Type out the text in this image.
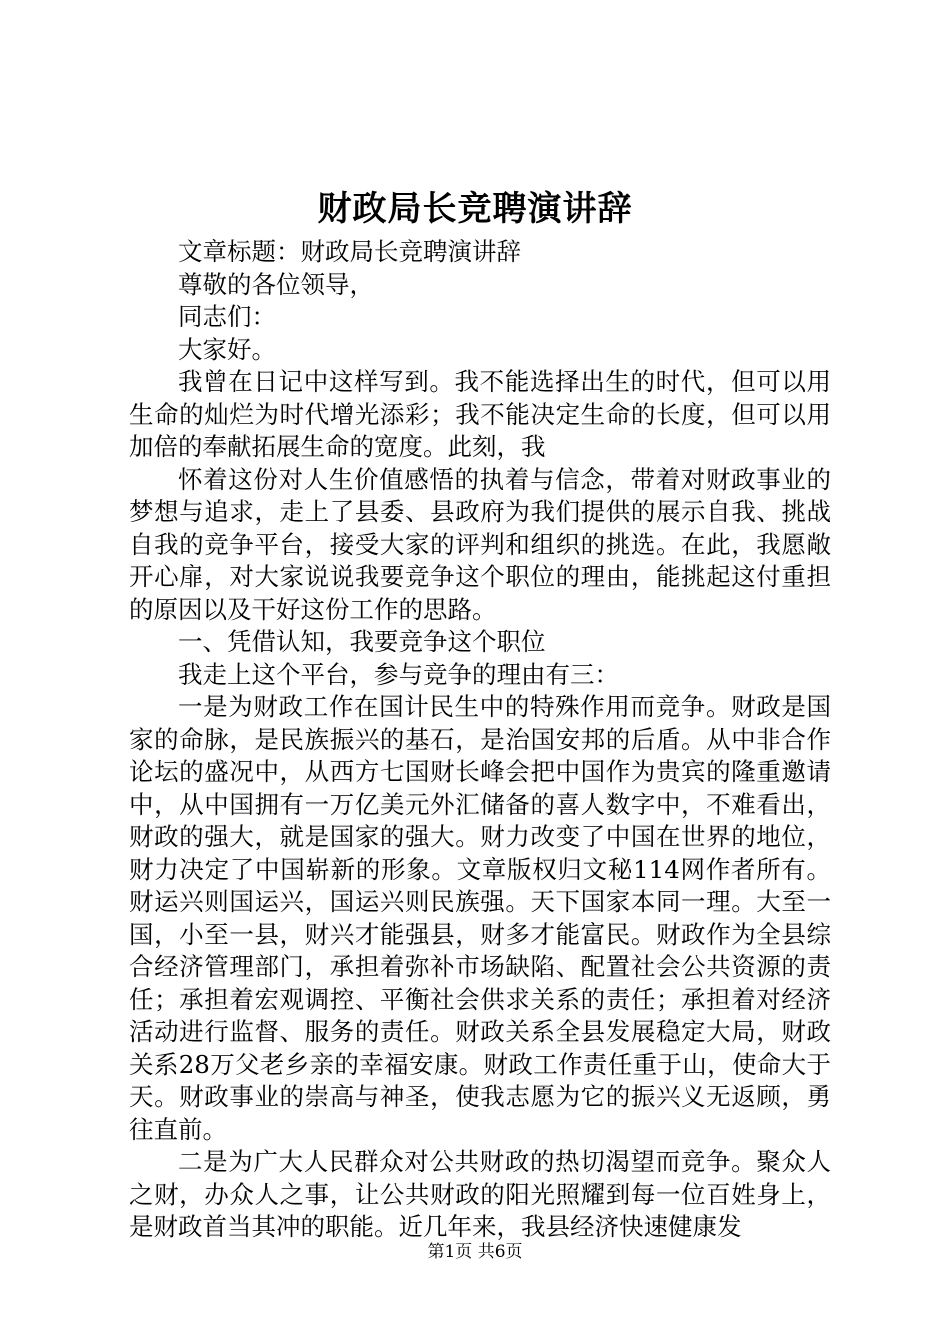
财政局长竞聘演讲辞

文章标题：财政局长竞聘演讲辞

尊敬的各位领导，

同志们：

大家好。

我曾在日记中这样写到。我不能选择出生的时代，但可以用生命的灿烂为时代增光添彩；我不能决定生命的长度，但可以用加倍的奉献拓展生命的宽度。此刻，我

怀着这份对人生价值感悟的执着与信念，带着对财政事业的梦想与追求，走上了县委、县政府为我们提供的展示自我、挑战自我的竞争平台，接受大家的评判和组织的挑选。在此，我愿敞开心扉，对大家说说我要竞争这个职位的理由，能挑起这付重担的原因以及干好这份工作的思路。

一、凭借认知，我要竞争这个职位

我走上这个平台，参与竞争的理由有三：

一是为财政工作在国计民生中的特殊作用而竞争。财政是国家的命脉，是民族振兴的基石，是治国安邦的后盾。从中非合作论坛的盛况中，从西方七国财长峰会把中国作为贵宾的隆重邀请中，从中国拥有一万亿美元外汇储备的喜人数字中，不难看出，财政的强大，就是国家的强大。财力改变了中国在世界的地位，财力决定了中国崭新的形象。文章版权归文秘114网作者所有。财运兴则国运兴，国运兴则民族强。天下国家本同一理。大至一国，小至一县，财兴才能强县，财多才能富民。财政作为全县综合经济管理部门，承担着弥补市场缺陷、配置社会公共资源的责任；承担着宏观调控、平衡社会供求关系的责任；承担着对经济活动进行监督、服务的责任。财政关系全县发展稳定大局，财政关系28万父老乡亲的幸福安康。财政工作责任重于山，使命大于天。财政事业的崇高与神圣，使我志愿为它的振兴义无返顾，勇往直前。

二是为广大人民群众对公共财政的热切渴望而竞争。聚众人之财，办众人之事，让公共财政的阳光照耀到每一位百姓身上，是财政首当其冲的职能。近几年来，我县经济快速健康发

第1页 共6页
